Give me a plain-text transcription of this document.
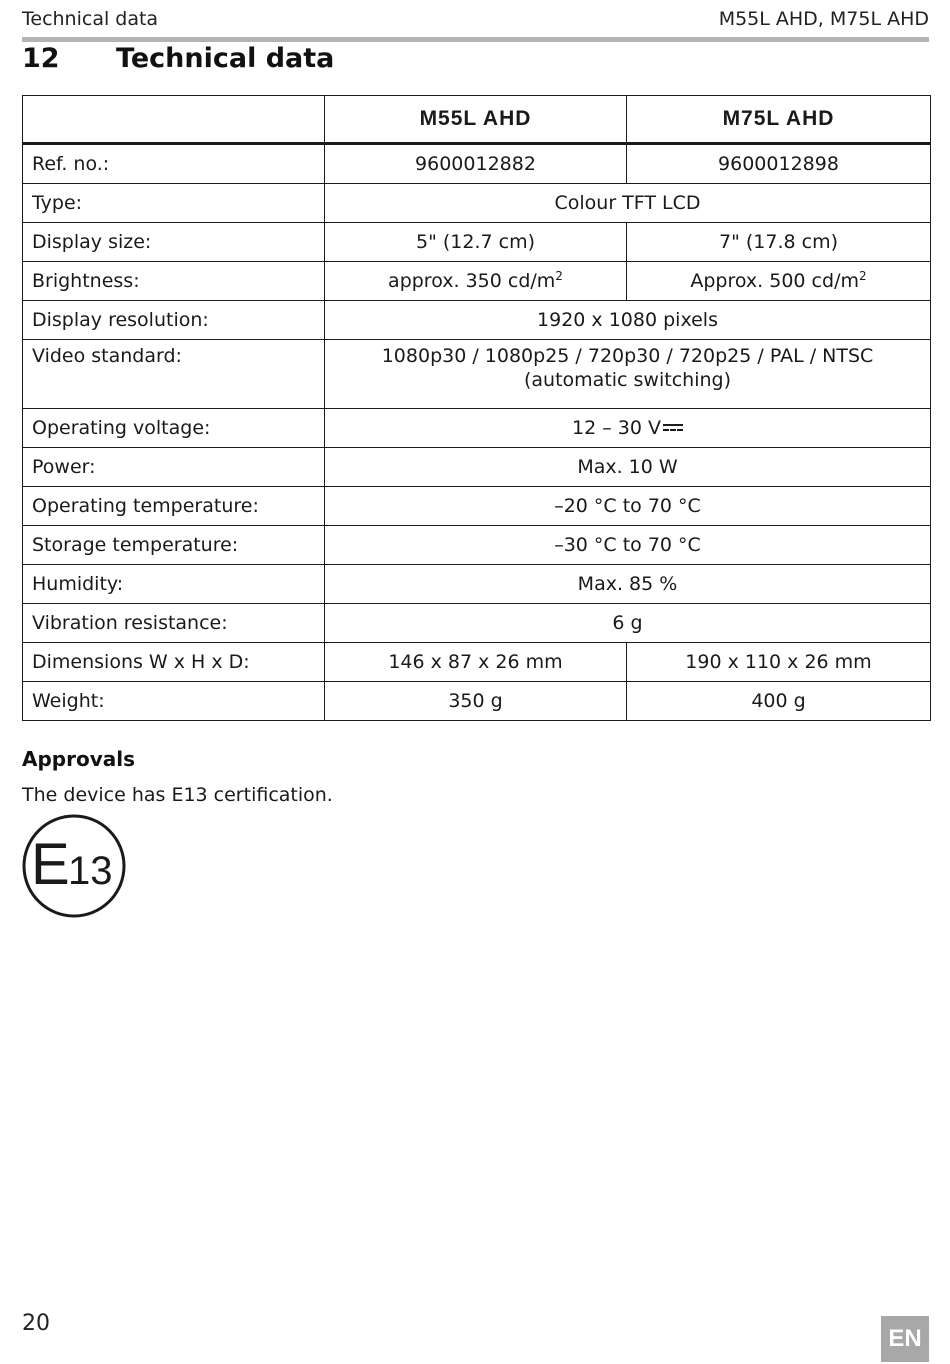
Technical data	M55L AHD, M75L AHD
12 Technical data
	M55L AHD	M75L AHD
Ref. no.:	9600012882	9600012898
Type:	Colour TFT LCD	
Display size:	5" (12.7 cm)	7" (17.8 cm)
Brightness:	approx. 350 $cd/m^2$	Approx. 500 $cd/m^2$
Display resolution:	1920 x 1080 pixels	
Video standard:	1080p30 / 1080p25 / 720p30 / 720p25 / PAL / NTSC
(automatic switching)	

Operating voltage:	12 – 30 V	
Power:	Max. 10 W	
Operating temperature:	–20 °C to 70 °C	
Storage temperature:	–30 °C to 70 °C	
Humidity:	Max. 85 %	
Vibration resistance:	6 g	
Dimensions W x H x D:	146 x 87 x 26 mm	190 x 110 x 26 mm
Weight:	350 g	400 g
Approvals
The device has E13 certification.
E
13
20
EN
